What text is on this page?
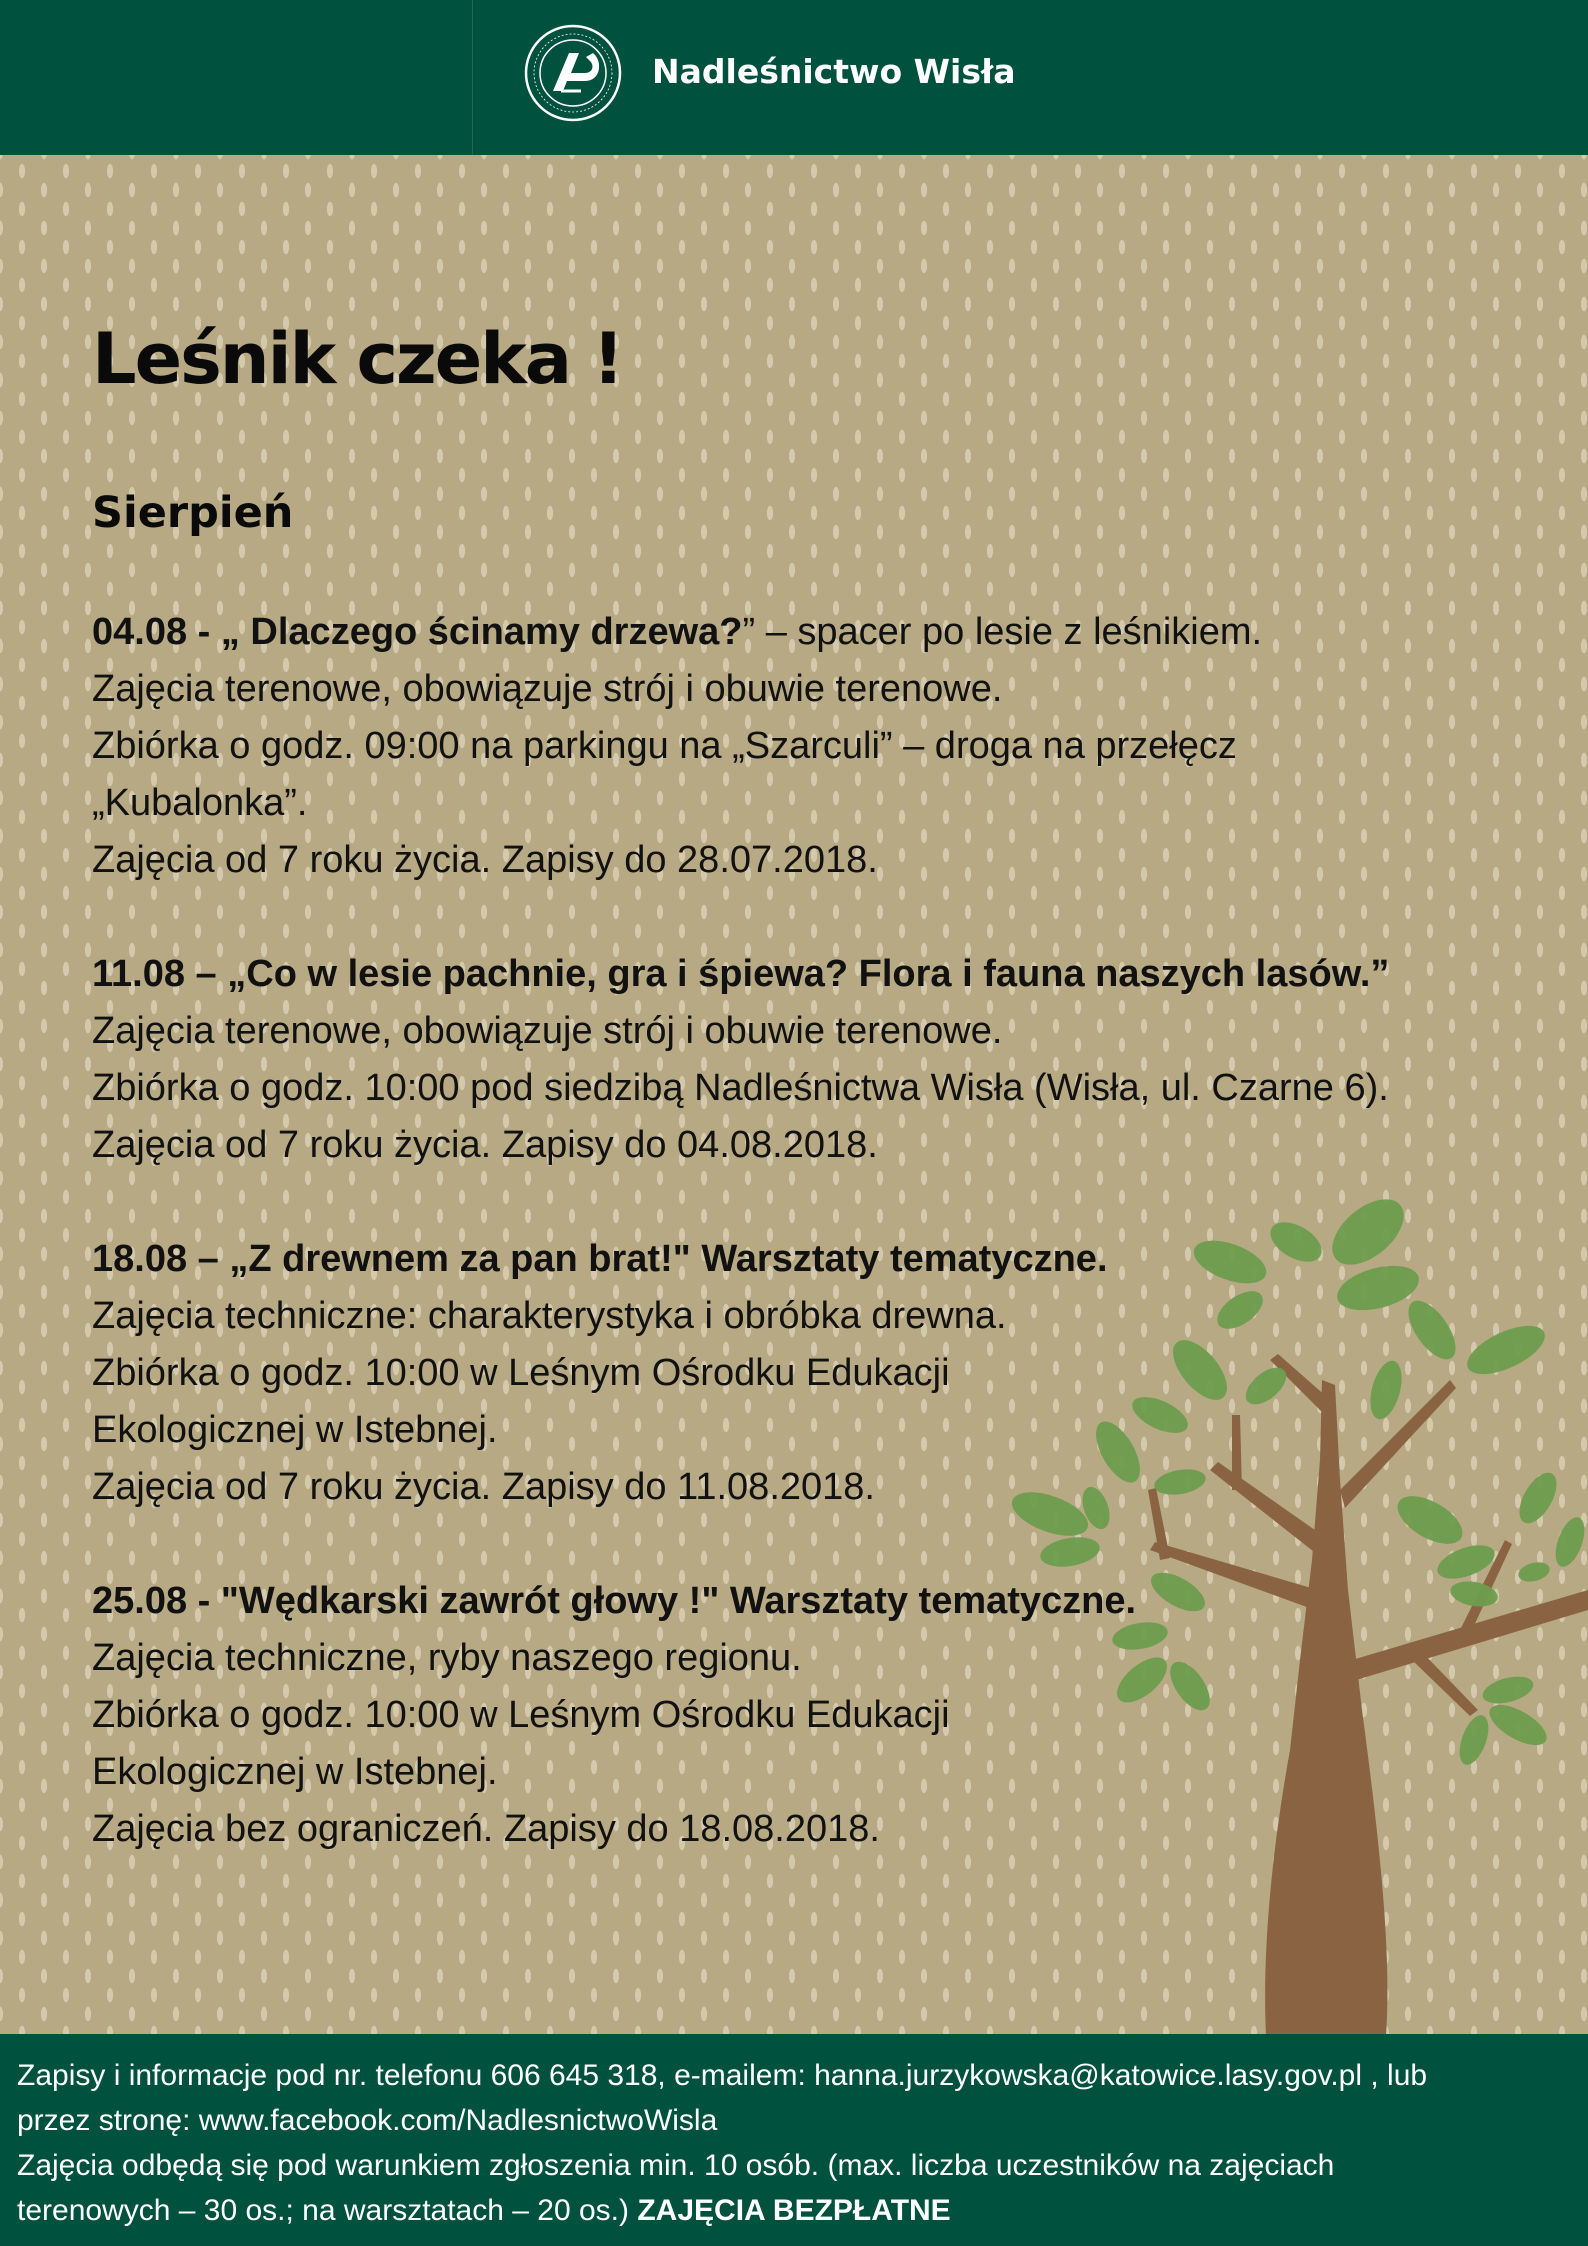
Nadleśnictwo Wisła
Leśnik czeka !
Sierpień

04.08 - „ Dlaczego ścinamy drzewa?” – spacer po lesie z leśnikiem.

Zajęcia terenowe, obowiązuje strój i obuwie terenowe.

Zbiórka o godz. 09:00 na parkingu na „Szarculi” – droga na przełęcz

„Kubalonka”.

Zajęcia od 7 roku życia. Zapisy do 28.07.2018.

11.08 – „Co w lesie pachnie, gra i śpiewa? Flora i fauna naszych lasów.”

Zajęcia terenowe, obowiązuje strój i obuwie terenowe.

Zbiórka o godz. 10:00 pod siedzibą Nadleśnictwa Wisła (Wisła, ul. Czarne 6).

Zajęcia od 7 roku życia. Zapisy do 04.08.2018.

18.08 – „Z drewnem za pan brat!" Warsztaty tematyczne.

Zajęcia techniczne: charakterystyka i obróbka drewna.

Zbiórka o godz. 10:00 w Leśnym Ośrodku Edukacji

Ekologicznej w Istebnej.

Zajęcia od 7 roku życia. Zapisy do 11.08.2018.

25.08 - "Wędkarski zawrót głowy !" Warsztaty tematyczne.

Zajęcia techniczne, ryby naszego regionu.

Zbiórka o godz. 10:00 w Leśnym Ośrodku Edukacji

Ekologicznej w Istebnej.

Zajęcia bez ograniczeń. Zapisy do 18.08.2018.

Zapisy i informacje pod nr. telefonu 606 645 318, e-mailem: hanna.jurzykowska@katowice.lasy.gov.pl , lub

przez stronę: www.facebook.com/NadlesnictwoWisla

Zajęcia odbędą się pod warunkiem zgłoszenia min. 10 osób. (max. liczba uczestników na zajęciach

terenowych – 30 os.; na warsztatach – 20 os.) ZAJĘCIA BEZPŁATNE
